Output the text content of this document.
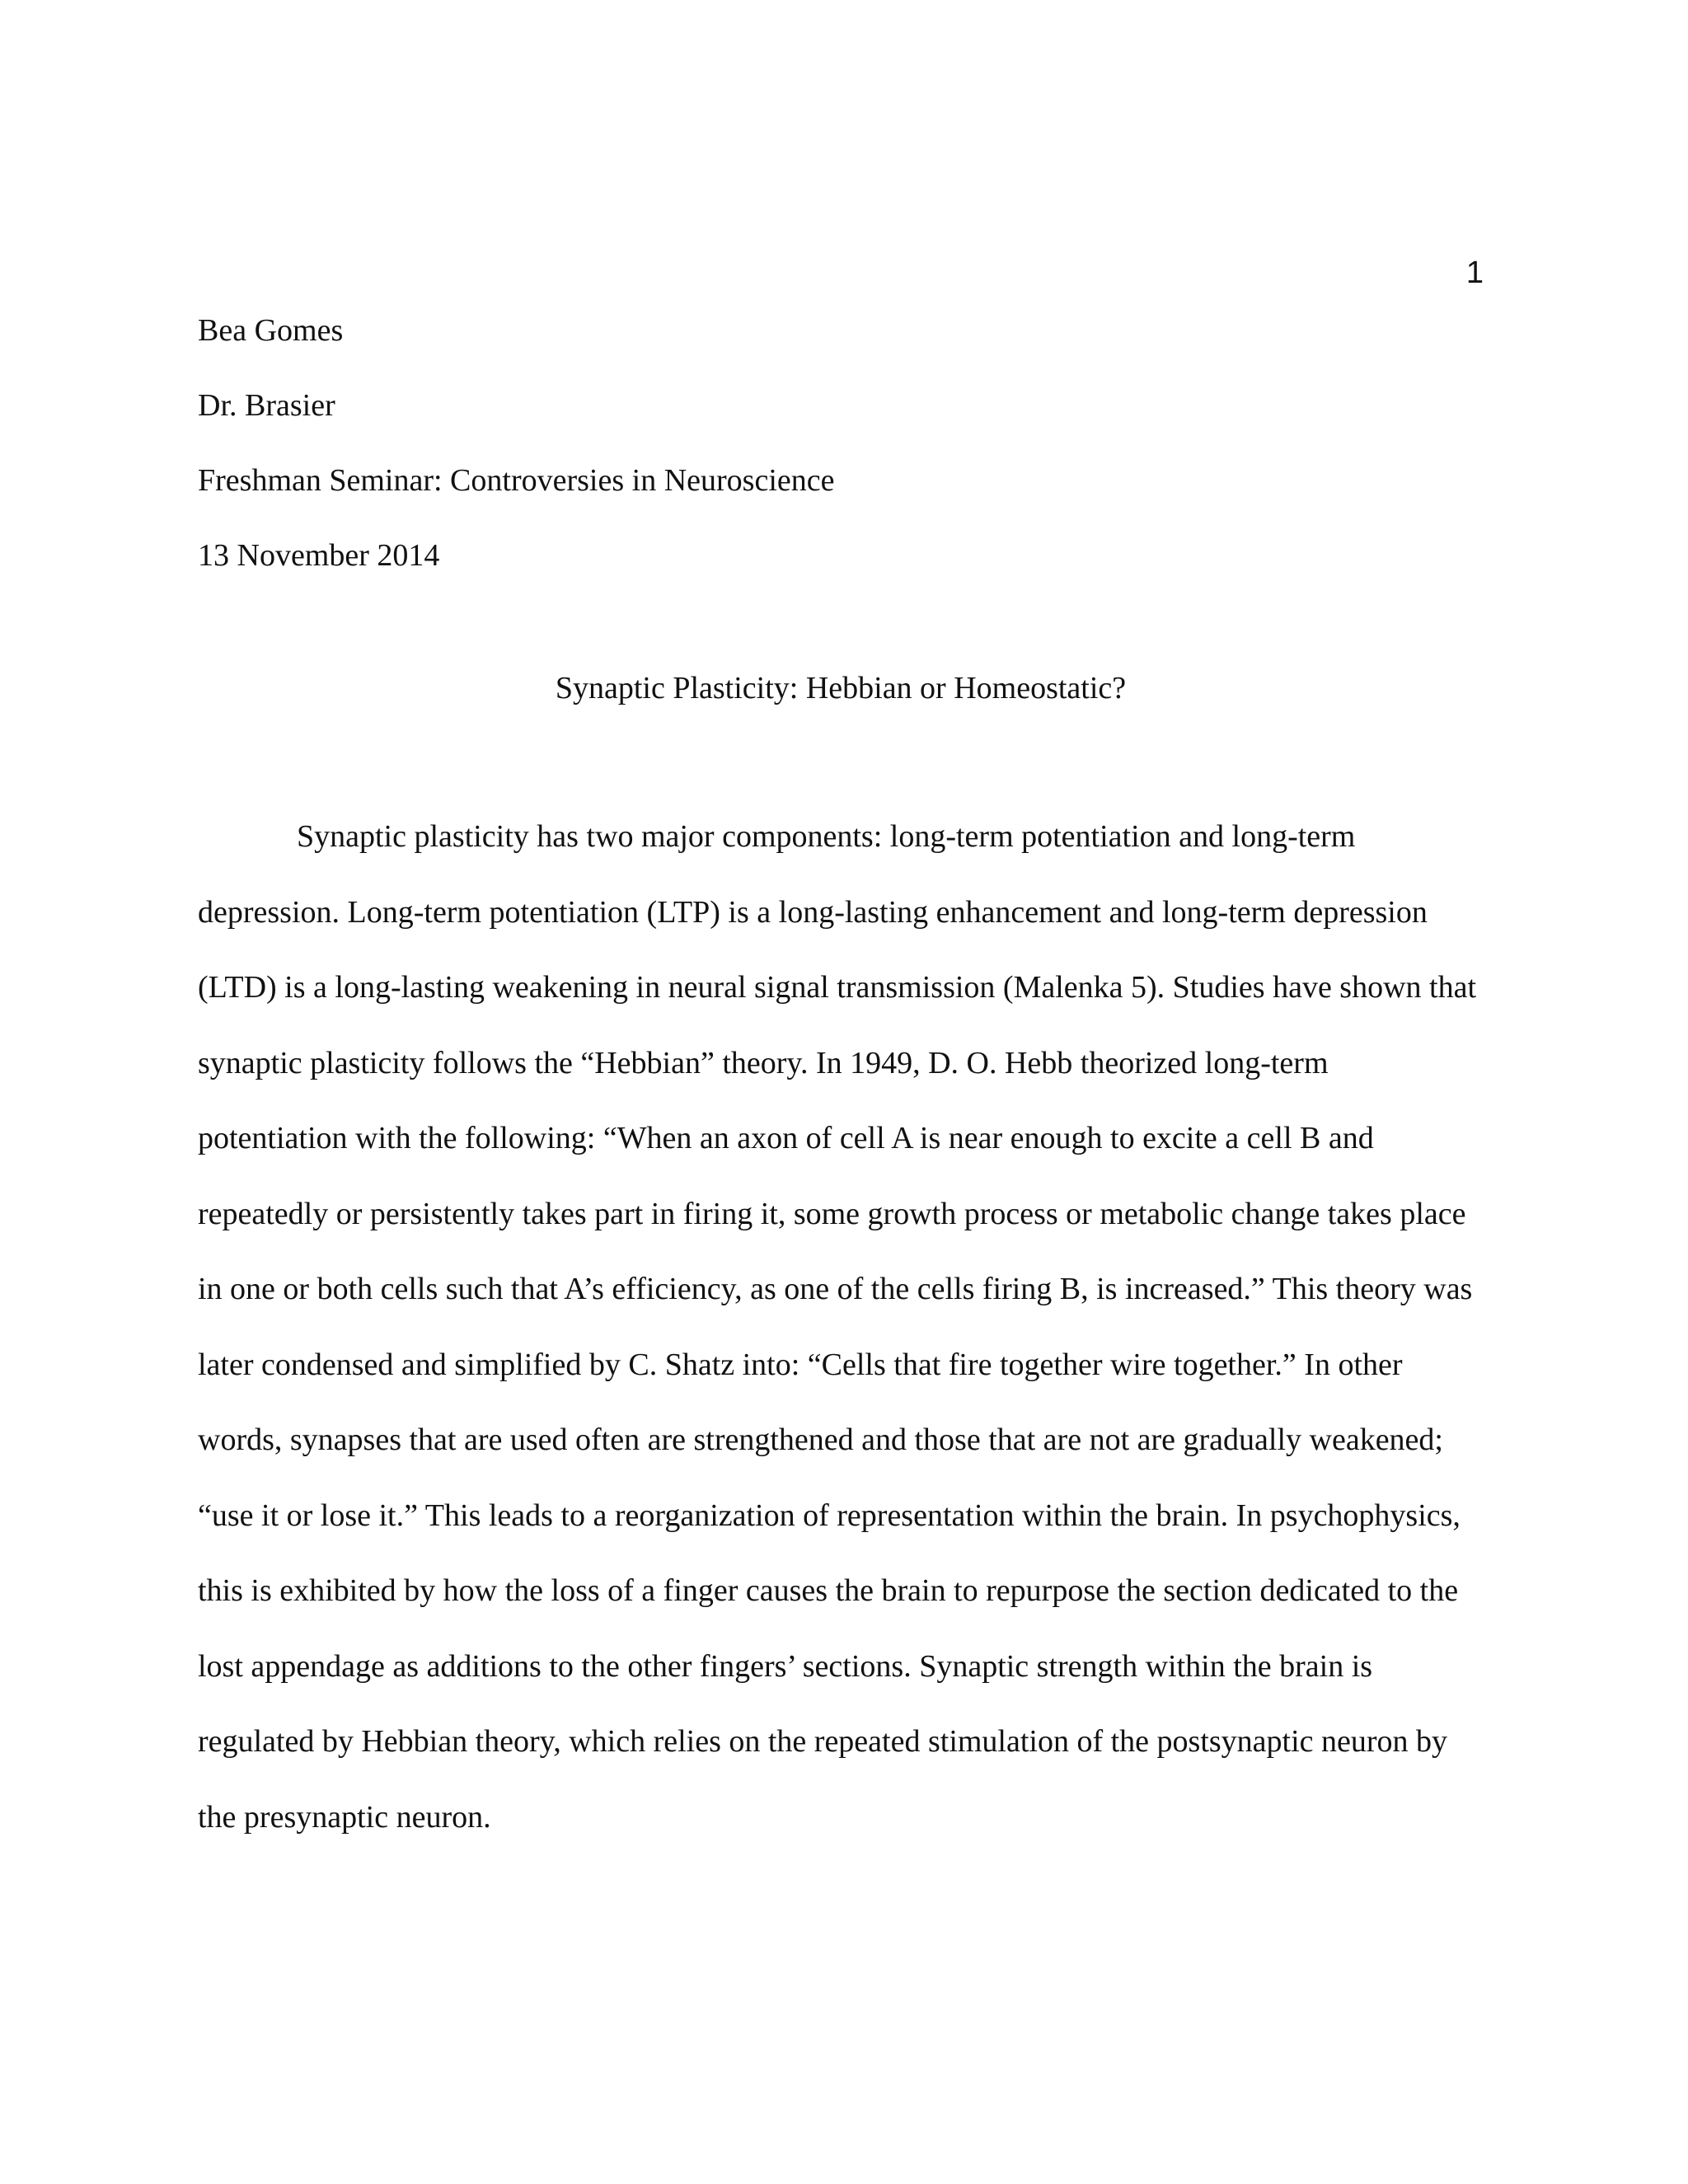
1
Bea Gomes
Dr. Brasier
Freshman Seminar: Controversies in Neuroscience
13 November 2014
Synaptic Plasticity: Hebbian or Homeostatic?

Synaptic plasticity has two major components: long-term potentiation and long-term depression. Long-term potentiation (LTP) is a long-lasting enhancement and long-term depression (LTD) is a long-lasting weakening in neural signal transmission (Malenka 5). Studies have shown that synaptic plasticity follows the “Hebbian” theory. In 1949, D. O. Hebb theorized long-term potentiation with the following: “When an axon of cell A is near enough to excite a cell B and repeatedly or persistently takes part in firing it, some growth process or metabolic change takes place in one or both cells such that A’s efficiency, as one of the cells firing B, is increased.” This theory was later condensed and simplified by C. Shatz into: “Cells that fire together wire together.” In other words, synapses that are used often are strengthened and those that are not are gradually weakened; “use it or lose it.” This leads to a reorganization of representation within the brain. In psychophysics, this is exhibited by how the loss of a finger causes the brain to repurpose the section dedicated to the lost appendage as additions to the other fingers’ sections. Synaptic strength within the brain is regulated by Hebbian theory, which relies on the repeated stimulation of the postsynaptic neuron by the presynaptic neuron.
